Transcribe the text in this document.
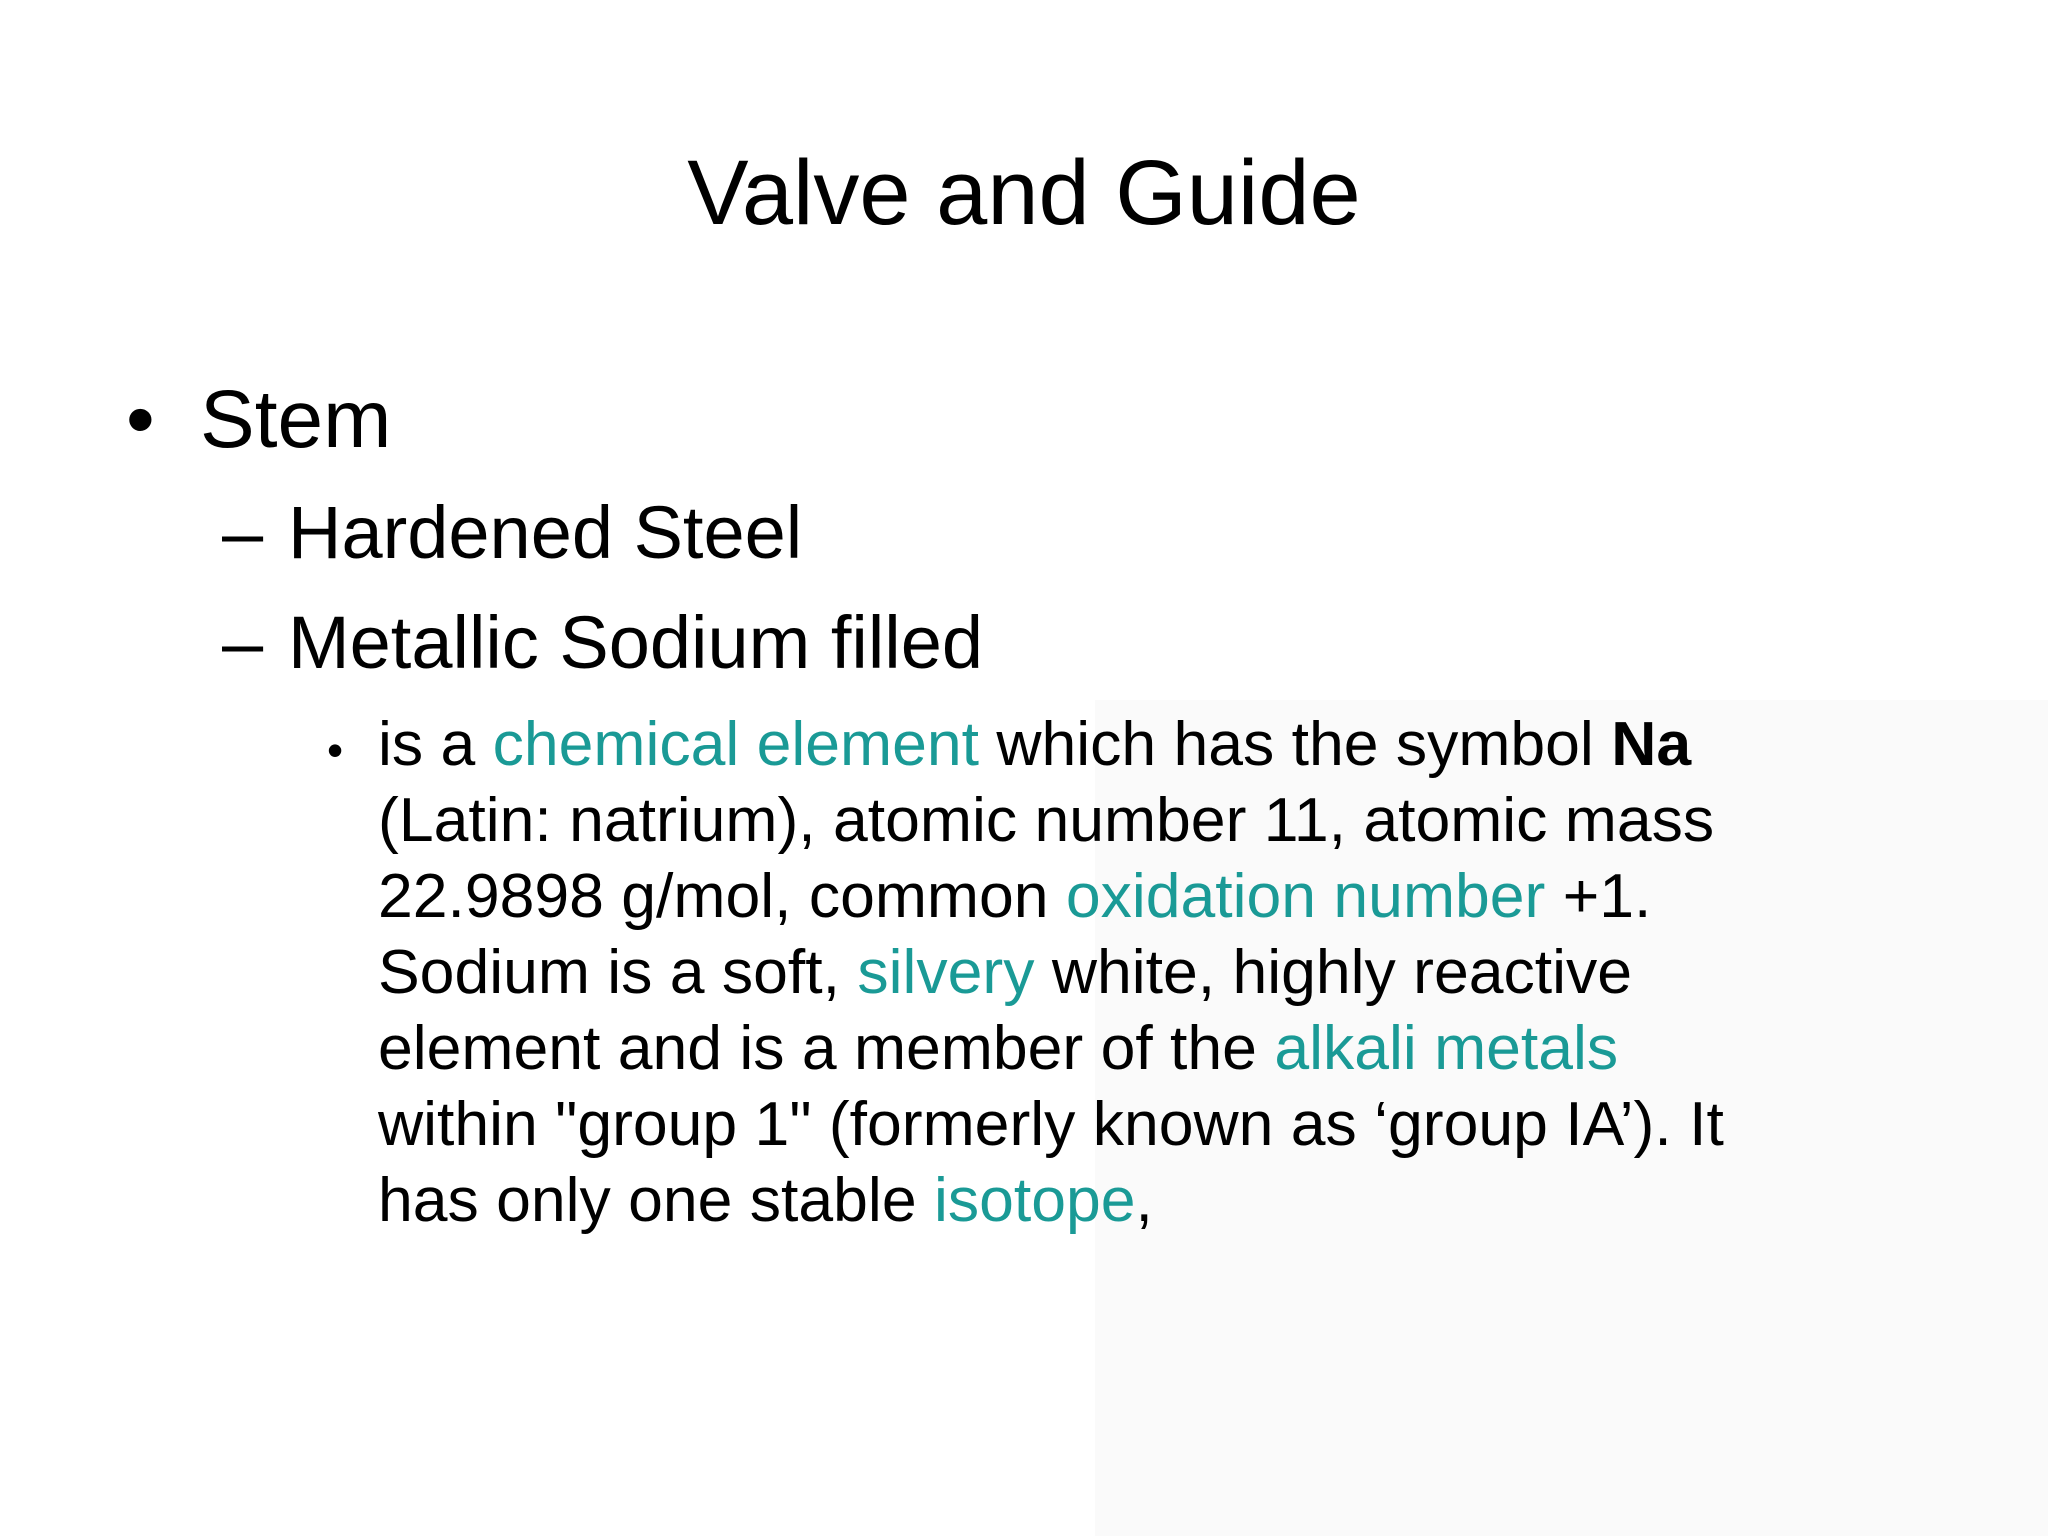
Valve and Guide
• Stem
– Hardened Steel
– Metallic Sodium filled
• is a chemical element which has the symbol Na
(Latin: natrium), atomic number 11, atomic mass
22.9898 g/mol, common oxidation number +1.
Sodium is a soft, silvery white, highly reactive
element and is a member of the alkali metals
within "group 1" (formerly known as ‘group IA’). It
has only one stable isotope,
